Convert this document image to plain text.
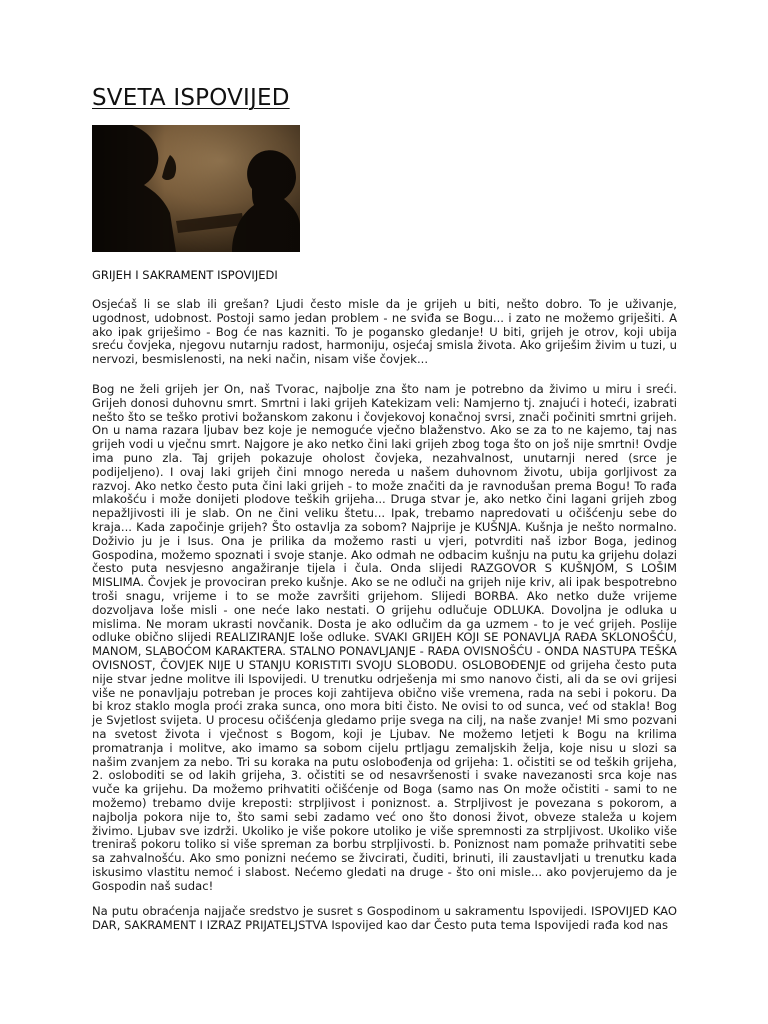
SVETA ISPOVIJED
GRIJEH I SAKRAMENT ISPOVIJEDI

Osjećaš li se slab ili grešan? Ljudi često misle da je grijeh u biti, nešto dobro. To je uživanje, ugodnost, udobnost. Postoji samo jedan problem - ne sviđa se Bogu... i zato ne možemo griješiti. A ako ipak griješimo - Bog će nas kazniti. To je pogansko gledanje! U biti, grijeh je otrov, koji ubija sreću čovjeka, njegovu nutarnju radost, harmoniju, osjećaj smisla života. Ako griješim živim u tuzi, u nervozi, besmislenosti, na neki način, nisam više čovjek...

Bog ne želi grijeh jer On, naš Tvorac, najbolje zna što nam je potrebno da živimo u miru i sreći. Grijeh donosi duhovnu smrt. Smrtni i laki grijeh Katekizam veli: Namjerno tj. znajući i hoteći, izabrati nešto što se teško protivi božanskom zakonu i čovjekovoj konačnoj svrsi, znači počiniti smrtni grijeh. On u nama razara ljubav bez koje je nemoguće vječno blaženstvo. Ako se za to ne kajemo, taj nas grijeh vodi u vječnu smrt. Najgore je ako netko čini laki grijeh zbog toga što on još nije smrtni! Ovdje ima puno zla. Taj grijeh pokazuje oholost čovjeka, nezahvalnost, unutarnji nered (srce je podijeljeno). I ovaj laki grijeh čini mnogo nereda u našem duhovnom životu, ubija gorljivost za razvoj. Ako netko često puta čini laki grijeh - to može značiti da je ravnodušan prema Bogu! To rađa mlakošću i može donijeti plodove teških grijeha... Druga stvar je, ako netko čini lagani grijeh zbog nepažljivosti ili je slab. On ne čini veliku štetu... Ipak, trebamo napredovati u očišćenju sebe do kraja... Kada započinje grijeh? Što ostavlja za sobom? Najprije je KUŠNJA. Kušnja je nešto normalno. Doživio ju je i Isus. Ona je prilika da možemo rasti u vjeri, potvrditi naš izbor Boga, jedinog Gospodina, možemo spoznati i svoje stanje. Ako odmah ne odbacim kušnju na putu ka grijehu dolazi često puta nesvjesno angažiranje tijela i čula. Onda slijedi RAZGOVOR S KUŠNJOM, S LOŠIM MISLIMA. Čovjek je provociran preko kušnje. Ako se ne odluči na grijeh nije kriv, ali ipak bespotrebno troši snagu, vrijeme i to se može završiti grijehom. Slijedi BORBA. Ako netko duže vrijeme dozvoljava loše misli - one neće lako nestati. O grijehu odlučuje ODLUKA. Dovoljna je odluka u mislima. Ne moram ukrasti novčanik. Dosta je ako odlučim da ga uzmem - to je već grijeh. Poslije odluke obično slijedi REALIZIRANJE loše odluke. SVAKI GRIJEH KOJI SE PONAVLJA RAĐA SKLONOŠĆU, MANOM, SLABOĆOM KARAKTERA. STALNO PONAVLJANJE - RAĐA OVISNOŠĆU - ONDA NASTUPA TEŠKA OVISNOST, ČOVJEK NIJE U STANJU KORISTITI SVOJU SLOBODU. OSLOBOĐENJE od grijeha često puta nije stvar jedne molitve ili Ispovijedi. U trenutku odrješenja mi smo nanovo čisti, ali da se ovi grijesi više ne ponavljaju potreban je proces koji zahtijeva obično više vremena, rada na sebi i pokoru. Da bi kroz staklo mogla proći zraka sunca, ono mora biti čisto. Ne ovisi to od sunca, već od stakla! Bog je Svjetlost svijeta. U procesu očišćenja gledamo prije svega na cilj, na naše zvanje! Mi smo pozvani na svetost života i vječnost s Bogom, koji je Ljubav. Ne možemo letjeti k Bogu na krilima promatranja i molitve, ako imamo sa sobom cijelu prtljagu zemaljskih želja, koje nisu u slozi sa našim zvanjem za nebo. Tri su koraka na putu oslobođenja od grijeha: 1. očistiti se od teških grijeha, 2. osloboditi se od lakih grijeha, 3. očistiti se od nesavršenosti i svake navezanosti srca koje nas vuče ka grijehu. Da možemo prihvatiti očišćenje od Boga (samo nas On može očistiti - sami to ne možemo) trebamo dvije kreposti: strpljivost i poniznost. a. Strpljivost je povezana s pokorom, a najbolja pokora nije to, što sami sebi zadamo već ono što donosi život, obveze staleža u kojem živimo. Ljubav sve izdrži. Ukoliko je više pokore utoliko je više spremnosti za strpljivost. Ukoliko više treniraš pokoru toliko si više spreman za borbu strpljivosti. b. Poniznost nam pomaže prihvatiti sebe sa zahvalnošću. Ako smo ponizni nećemo se živcirati, čuditi, brinuti, ili zaustavljati u trenutku kada iskusimo vlastitu nemoć i slabost. Nećemo gledati na druge - što oni misle... ako povjerujemo da je Gospodin naš sudac!

Na putu obraćenja najjače sredstvo je susret s Gospodinom u sakramentu Ispovijedi. ISPOVIJED KAO DAR, SAKRAMENT I IZRAZ PRIJATELJSTVA Ispovijed kao dar Često puta tema Ispovijedi rađa kod nas
